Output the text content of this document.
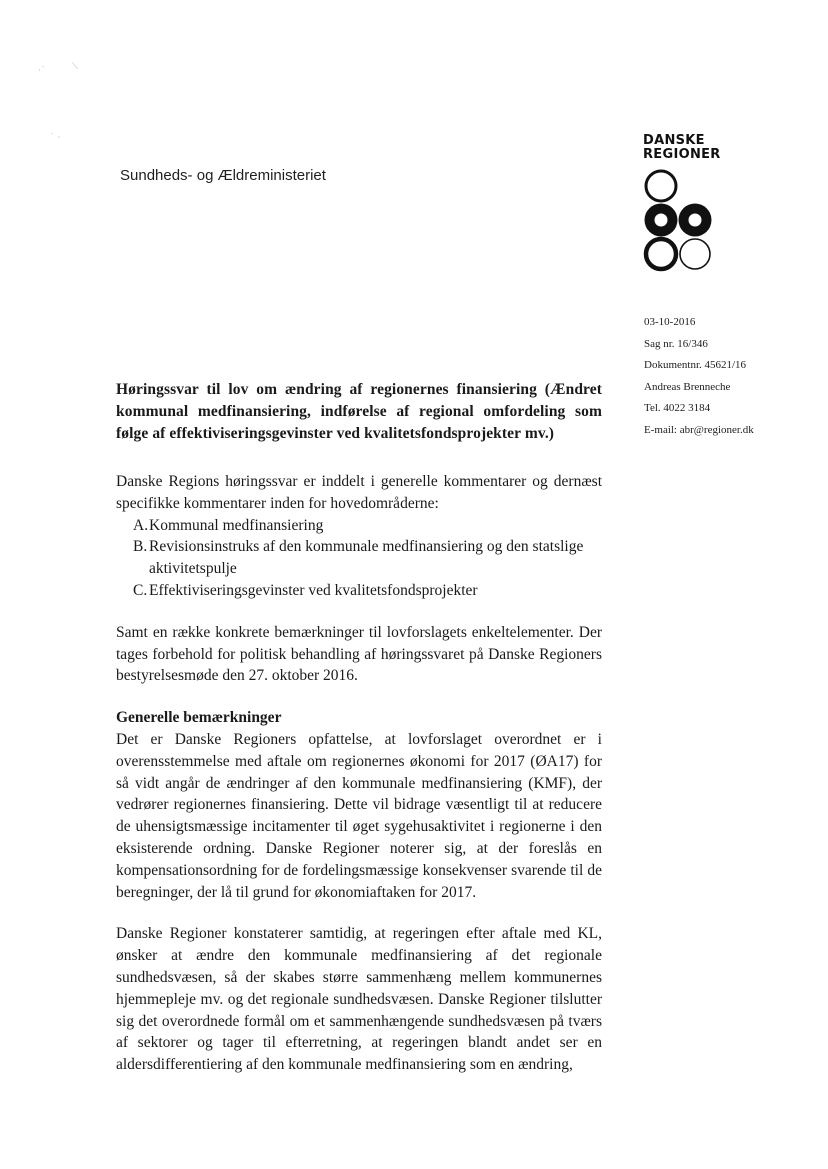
·˙	⟍
˙ ·
Sundheds- og Ældreministeriet
DANSKE
REGIONER
03-10-2016
Sag nr. 16/346
Dokumentnr. 45621/16
Andreas Brenneche
Tel. 4022 3184
E-mail: abr@regioner.dk
Høringssvar til lov om ændring af regionernes finansiering (Ændret kommunal medfinansiering, indførelse af regional omfordeling som følge af effektiviseringsgevinster ved kvalitetsfondsprojekter mv.)

Danske Regions høringssvar er inddelt i generelle kommentarer og dernæst specifikke kommentarer inden for hovedområderne:

A. Kommunal medfinansiering
B. Revisionsinstruks af den kommunale medfinansiering og den statslige aktivitetspulje
C. Effektiviseringsgevinster ved kvalitetsfondsprojekter

Samt en række konkrete bemærkninger til lovforslagets enkeltelementer. Der tages forbehold for politisk behandling af høringssvaret på Danske Regioners bestyrelsesmøde den 27. oktober 2016.

Generelle bemærkninger

Det er Danske Regioners opfattelse, at lovforslaget overordnet er i overensstemmelse med aftale om regionernes økonomi for 2017 (ØA17) for så vidt angår de ændringer af den kommunale medfinansiering (KMF), der vedrører regionernes finansiering. Dette vil bidrage væsentligt til at reducere de uhensigtsmæssige incitamenter til øget sygehusaktivitet i regionerne i den eksisterende ordning. Danske Regioner noterer sig, at der foreslås en kompensationsordning for de fordelingsmæssige konsekvenser svarende til de beregninger, der lå til grund for økonomiaftaken for 2017.

Danske Regioner konstaterer samtidig, at regeringen efter aftale med KL, ønsker at ændre den kommunale medfinansiering af det regionale sundhedsvæsen, så der skabes større sammenhæng mellem kommunernes hjemmepleje mv. og det regionale sundhedsvæsen. Danske Regioner tilslutter sig det overordnede formål om et sammenhængende sundhedsvæsen på tværs af sektorer og tager til efterretning, at regeringen blandt andet ser en aldersdifferentiering af den kommunale medfinansiering som en ændring,
